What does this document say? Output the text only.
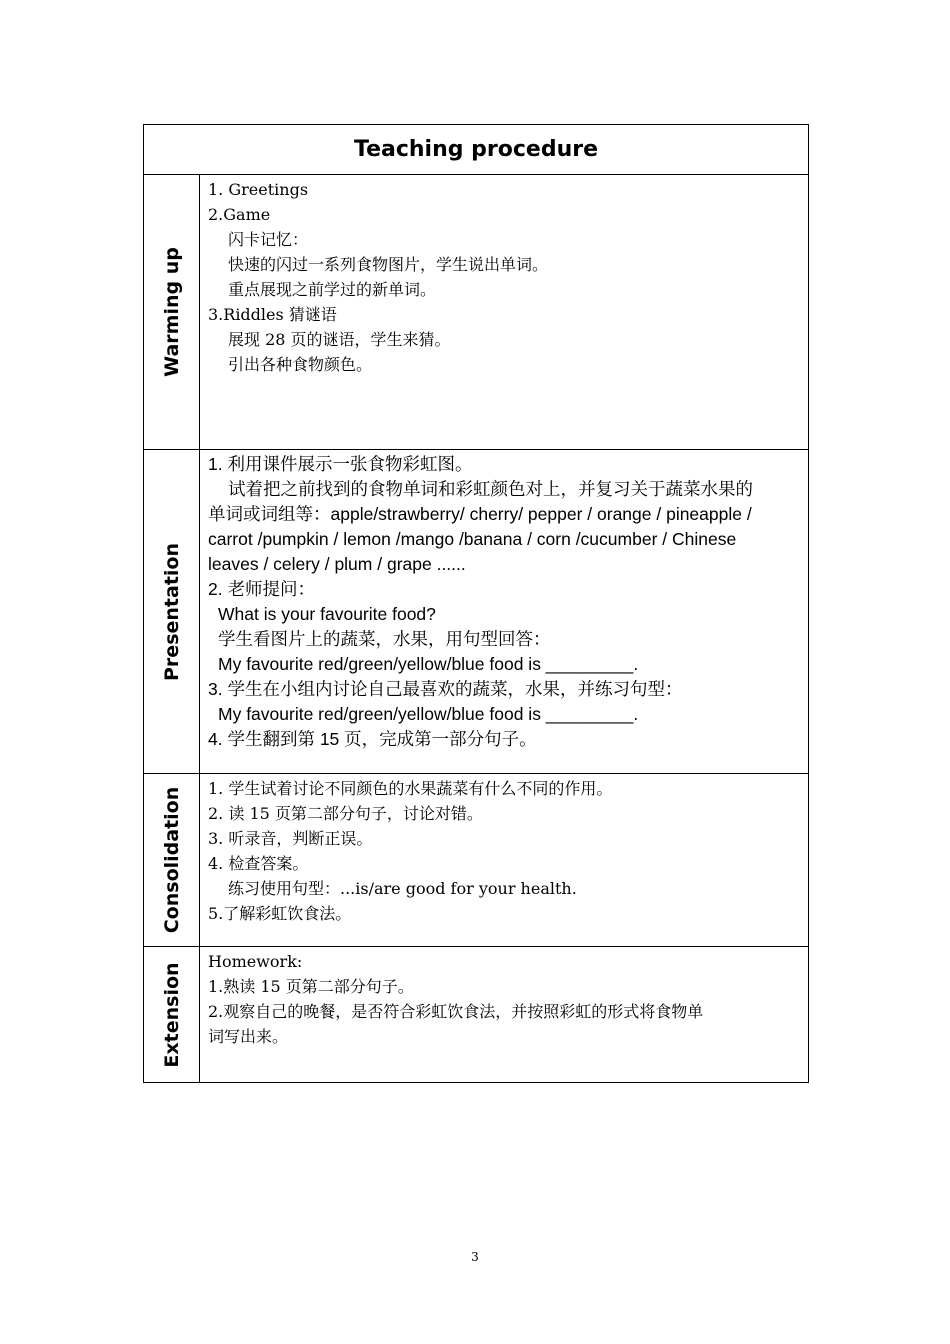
Teaching procedure
Warming up

1. Greetings

2.Game

闪卡记忆：

快速的闪过一系列食物图片，学生说出单词。

重点展现之前学过的新单词。

3.Riddles 猜谜语

展现 28 页的谜语，学生来猜。

引出各种食物颜色。

Presentation

1. 利用课件展示一张食物彩虹图。

试着把之前找到的食物单词和彩虹颜色对上，并复习关于蔬菜水果的

单词或词组等：apple/strawberry/ cherry/ pepper / orange / pineapple /

carrot /pumpkin / lemon /mango /banana / corn /cucumber / Chinese

leaves / celery / plum / grape ......

2. 老师提问：

What is your favourite food?

学生看图片上的蔬菜，水果，用句型回答：

My favourite red/green/yellow/blue food is _________.

3. 学生在小组内讨论自己最喜欢的蔬菜，水果，并练习句型：

My favourite red/green/yellow/blue food is _________.

4. 学生翻到第 15 页，完成第一部分句子。

Consolidation 1. 学生试着讨论不同颜色的水果蔬菜有什么不同的作用。

2. 读 15 页第二部分句子，讨论对错。

3. 听录音，判断正误。

4. 检查答案。

练习使用句型：...is/are good for your health.

5.了解彩虹饮食法。

Extension

Homework:

1.熟读 15 页第二部分句子。

2.观察自己的晚餐，是否符合彩虹饮食法，并按照彩虹的形式将食物单

词写出来。

3
